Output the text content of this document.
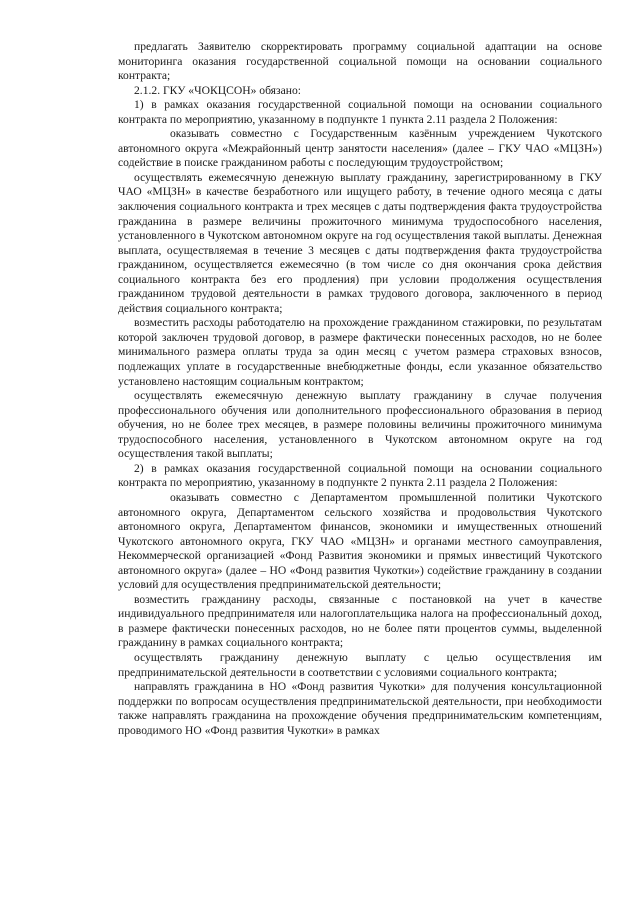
предлагать Заявителю скорректировать программу социальной адаптации на основе мониторинга оказания государственной социальной помощи на основании социального контракта;

2.1.2. ГКУ «ЧОКЦСОН» обязано:

1) в рамках оказания государственной социальной помощи на основании социального контракта по мероприятию, указанному в подпункте 1 пункта 2.11 раздела 2 Положения:

оказывать совместно с Государственным казённым учреждением Чукотского автономного округа «Межрайонный центр занятости населения» (далее – ГКУ ЧАО «МЦЗН») содействие в поиске гражданином работы с последующим трудоустройством;

осуществлять ежемесячную денежную выплату гражданину, зарегистрированному в ГКУ ЧАО «МЦЗН» в качестве безработного или ищущего работу, в течение одного месяца с даты заключения социального контракта и трех месяцев с даты подтверждения факта трудоустройства гражданина в размере величины прожиточного минимума трудоспособного населения, установленного в Чукотском автономном округе на год осуществления такой выплаты. Денежная выплата, осуществляемая в течение 3 месяцев с даты подтверждения факта трудоустройства гражданином, осуществляется ежемесячно (в том числе со дня окончания срока действия социального контракта без его продления) при условии продолжения осуществления гражданином трудовой деятельности в рамках трудового договора, заключенного в период действия социального контракта;

возместить расходы работодателю на прохождение гражданином стажировки, по результатам которой заключен трудовой договор, в размере фактически понесенных расходов, но не более минимального размера оплаты труда за один месяц с учетом размера страховых взносов, подлежащих уплате в государственные внебюджетные фонды, если указанное обязательство установлено настоящим социальным контрактом;

осуществлять ежемесячную денежную выплату гражданину в случае получения профессионального обучения или дополнительного профессионального образования в период обучения, но не более трех месяцев, в размере половины величины прожиточного минимума трудоспособного населения, установленного в Чукотском автономном округе на год осуществления такой выплаты;

2) в рамках оказания государственной социальной помощи на основании социального контракта по мероприятию, указанному в подпункте 2 пункта 2.11 раздела 2 Положения:

оказывать совместно с Департаментом промышленной политики Чукотского автономного округа, Департаментом сельского хозяйства и продовольствия Чукотского автономного округа, Департаментом финансов, экономики и имущественных отношений Чукотского автономного округа, ГКУ ЧАО «МЦЗН» и органами местного самоуправления, Некоммерческой организацией «Фонд Развития экономики и прямых инвестиций Чукотского автономного округа» (далее – НО «Фонд развития Чукотки») содействие гражданину в создании условий для осуществления предпринимательской деятельности;

возместить гражданину расходы, связанные с постановкой на учет в качестве индивидуального предпринимателя или налогоплательщика налога на профессиональный доход, в размере фактически понесенных расходов, но не более пяти процентов суммы, выделенной гражданину в рамках социального контракта;

осуществлять гражданину денежную выплату с целью осуществления им предпринимательской деятельности в соответствии с условиями социального контракта;

направлять гражданина в НО «Фонд развития Чукотки» для получения консультационной поддержки по вопросам осуществления предпринимательской деятельности, при необходимости также направлять гражданина на прохождение обучения предпринимательским компетенциям, проводимого НО «Фонд развития Чукотки» в рамках
